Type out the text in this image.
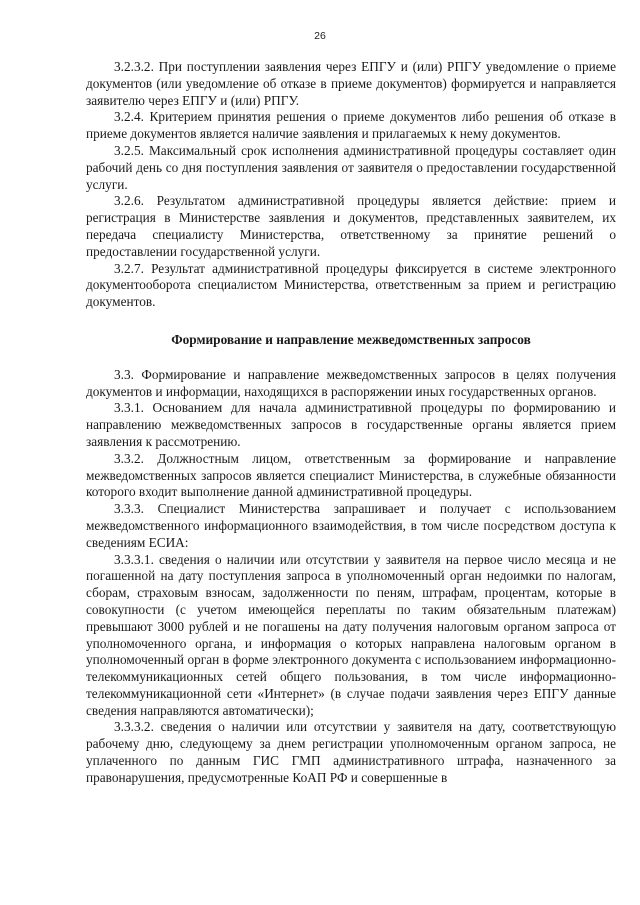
26

3.2.3.2. При поступлении заявления через ЕПГУ и (или) РПГУ уведомление о приеме документов (или уведомление об отказе в приеме документов) формируется и направляется заявителю через ЕПГУ и (или) РПГУ.

3.2.4. Критерием принятия решения о приеме документов либо решения об отказе в приеме документов является наличие заявления и прилагаемых к нему документов.

3.2.5. Максимальный срок исполнения административной процедуры составляет один рабочий день со дня поступления заявления от заявителя о предоставлении государственной услуги.

3.2.6. Результатом административной процедуры является действие: прием и регистрация в Министерстве заявления и документов, представленных заявителем, их передача специалисту Министерства, ответственному за принятие решений о предоставлении государственной услуги.

3.2.7. Результат административной процедуры фиксируется в системе электронного документооборота специалистом Министерства, ответственным за прием и регистрацию документов.

Формирование и направление межведомственных запросов

3.3. Формирование и направление межведомственных запросов в целях получения документов и информации, находящихся в распоряжении иных государственных органов.

3.3.1. Основанием для начала административной процедуры по формированию и направлению межведомственных запросов в государственные органы является прием заявления к рассмотрению.

3.3.2. Должностным лицом, ответственным за формирование и направление межведомственных запросов является специалист Министерства, в служебные обязанности которого входит выполнение данной административной процедуры.

3.3.3. Специалист Министерства запрашивает и получает с использованием межведомственного информационного взаимодействия, в том числе посредством доступа к сведениям ЕСИА:

3.3.3.1. сведения о наличии или отсутствии у заявителя на первое число месяца и не погашенной на дату поступления запроса в уполномоченный орган недоимки по налогам, сборам, страховым взносам, задолженности по пеням, штрафам, процентам, которые в совокупности (с учетом имеющейся переплаты по таким обязательным платежам) превышают 3000 рублей и не погашены на дату получения налоговым органом запроса от уполномоченного органа, и информация о которых направлена налоговым органом в уполномоченный орган в форме электронного документа с использованием информационно-телекоммуникационных сетей общего пользования, в том числе информационно-телекоммуникационной сети «Интернет» (в случае подачи заявления через ЕПГУ данные сведения направляются автоматически);

3.3.3.2. сведения о наличии или отсутствии у заявителя на дату, соответствующую рабочему дню, следующему за днем регистрации уполномоченным органом запроса, не уплаченного по данным ГИС ГМП административного штрафа, назначенного за правонарушения, предусмотренные КоАП РФ и совершенные в
